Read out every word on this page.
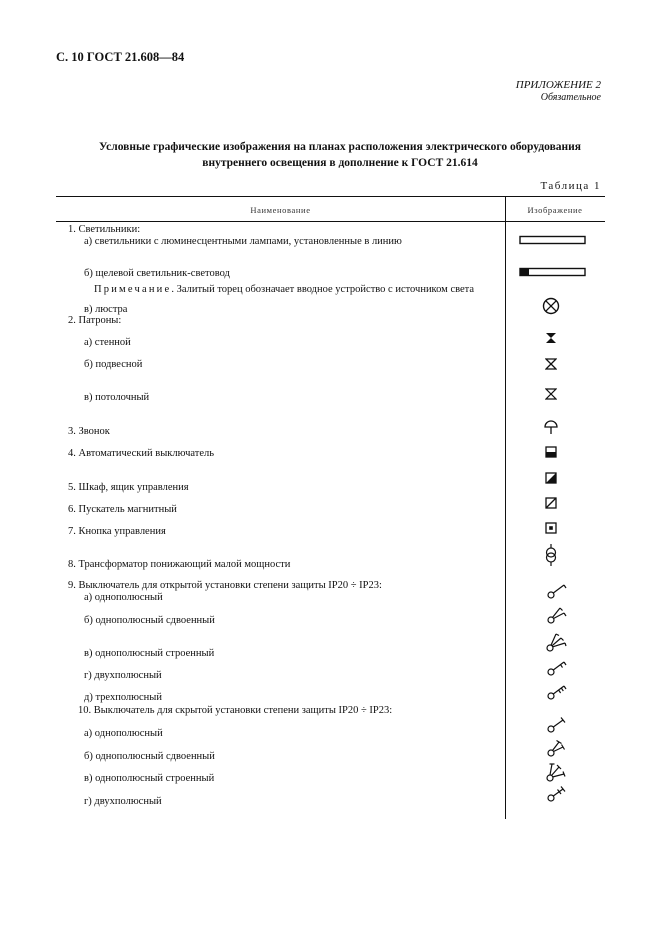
С. 10 ГОСТ 21.608—84
ПРИЛОЖЕНИЕ 2
Обязательное
Условные графические изображения на планах расположения электрического оборудования
внутреннего освещения в дополнение к ГОСТ 21.614
Таблица 1
Наименование	Изображение
1. Светильники:
а) светильники с люминесцентными лампами, установленные в линию
б) щелевой светильник-световод
Примечание. Залитый торец обозначает вводное устройство с источником света
в) люстра
2. Патроны:
а) стенной
б) подвесной
в) потолочный
3. Звонок
4. Автоматический выключатель
5. Шкаф, ящик управления
6. Пускатель магнитный
7. Кнопка управления
8. Трансформатор понижающий малой мощности
9. Выключатель для открытой установки степени защиты IP20 ÷ IP23:
а) однополюсный
б) однополюсный сдвоенный
в) однополюсный строенный
г) двухполюсный
д) трехполюсный
10. Выключатель для скрытой установки степени защиты IP20 ÷ IP23:
а) однополюсный
б) однополюсный сдвоенный
в) однополюсный строенный
г) двухполюсный
